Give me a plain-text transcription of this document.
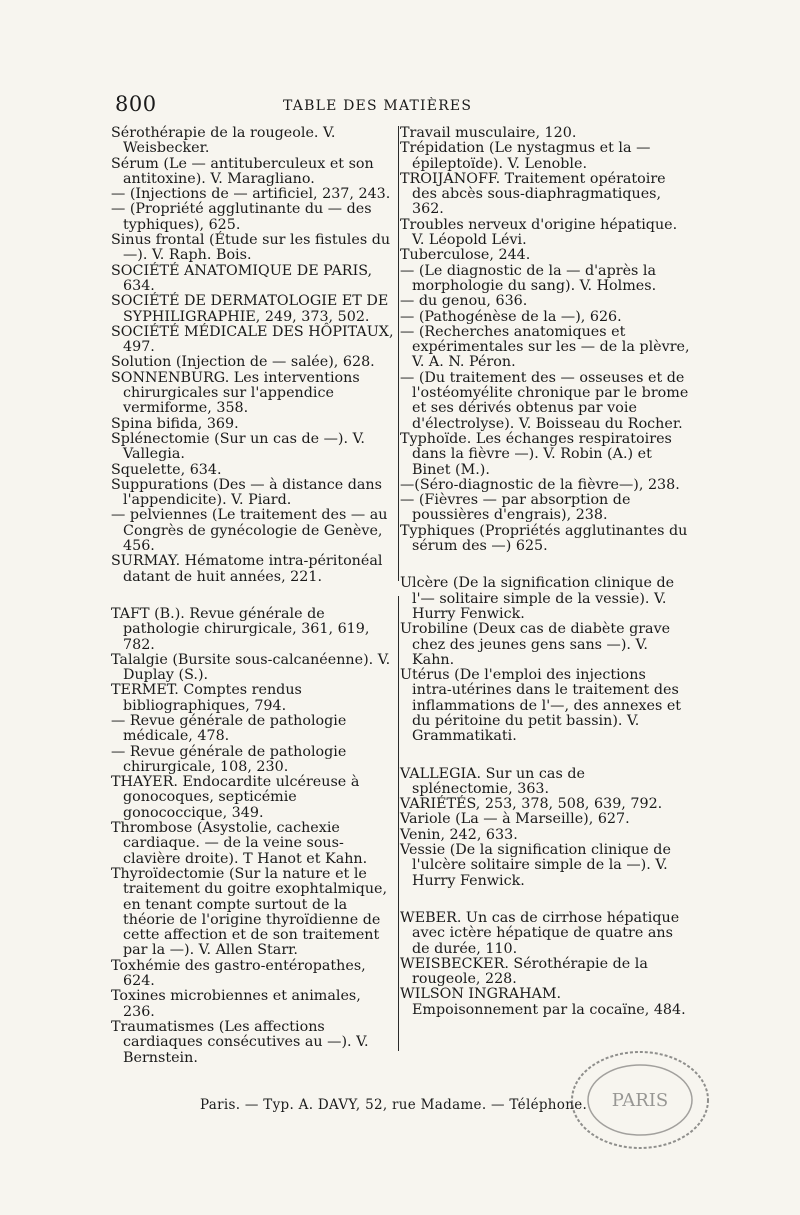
800	TABLE DES MATIÈRES

Sérothérapie de la rougeole. V. Weisbecker.

Sérum (Le — antituberculeux et son antitoxine). V. Maragliano.

— (Injections de — artificiel, 237, 243.

— (Propriété agglutinante du — des typhiques), 625.

Sinus frontal (Étude sur les fistules du —). V. Raph. Bois.

SOCIÉTÉ ANATOMIQUE DE PARIS, 634.

SOCIÉTÉ DE DERMATOLOGIE ET DE SYPHILIGRAPHIE, 249, 373, 502.

SOCIÉTÉ MÉDICALE DES HÔPITAUX, 497.

Solution (Injection de — salée), 628.

SONNENBURG. Les interventions chirurgicales sur l'appendice vermiforme, 358.

Spina bifida, 369.

Splénectomie (Sur un cas de —). V. Vallegia.

Squelette, 634.

Suppurations (Des — à distance dans l'appendicite). V. Piard.

— pelviennes (Le traitement des — au Congrès de gynécologie de Genève, 456.

SURMAY. Hématome intra-péritonéal datant de huit années, 221.

TAFT (B.). Revue générale de pathologie chirurgicale, 361, 619, 782.

Talalgie (Bursite sous-calcanéenne). V. Duplay (S.).

TERMET. Comptes rendus bibliographiques, 794.

— Revue générale de pathologie médicale, 478.

— Revue générale de pathologie chirurgicale, 108, 230.

THAYER. Endocardite ulcéreuse à gonocoques, septicémie gonococcique, 349.

Thrombose (Asystolie, cachexie cardiaque. — de la veine sous-clavière droite). T Hanot et Kahn.

Thyroïdectomie (Sur la nature et le traitement du goitre exophtalmique, en tenant compte surtout de la théorie de l'origine thyroïdienne de cette affection et de son traitement par la —). V. Allen Starr.

Toxhémie des gastro-entéropathes, 624.

Toxines microbiennes et animales, 236.

Traumatismes (Les affections cardiaques consécutives au —). V. Bernstein.

Travail musculaire, 120.

Trépidation (Le nystagmus et la — épileptoïde). V. Lenoble.

TROIJANOFF. Traitement opératoire des abcès sous-diaphragmatiques, 362.

Troubles nerveux d'origine hépatique. V. Léopold Lévi.

Tuberculose, 244.

— (Le diagnostic de la — d'après la morphologie du sang). V. Holmes.

— du genou, 636.

— (Pathogénèse de la —), 626.

— (Recherches anatomiques et expérimentales sur les — de la plèvre, V. A. N. Péron.

— (Du traitement des — osseuses et de l'ostéomyélite chronique par le brome et ses dérivés obtenus par voie d'électrolyse). V. Boisseau du Rocher.

Typhoïde. Les échanges respiratoires dans la fièvre —). V. Robin (A.) et Binet (M.).

—(Séro-diagnostic de la fièvre—), 238.

— (Fièvres — par absorption de poussières d'engrais), 238.

Typhiques (Propriétés agglutinantes du sérum des —) 625.

Ulcère (De la signification clinique de l'— solitaire simple de la vessie). V. Hurry Fenwick.

Urobiline (Deux cas de diabète grave chez des jeunes gens sans —). V. Kahn.

Utérus (De l'emploi des injections intra-utérines dans le traitement des inflammations de l'—, des annexes et du péritoine du petit bassin). V. Grammatikati.

VALLEGIA. Sur un cas de splénectomie, 363.

VARIÉTÉS, 253, 378, 508, 639, 792.

Variole (La — à Marseille), 627.

Venin, 242, 633.

Vessie (De la signification clinique de l'ulcère solitaire simple de la —). V. Hurry Fenwick.

WEBER. Un cas de cirrhose hépatique avec ictère hépatique de quatre ans de durée, 110.

WEISBECKER. Sérothérapie de la rougeole, 228.

WILSON INGRAHAM. Empoisonnement par la cocaïne, 484.

Paris. — Typ. A. DAVY, 52, rue Madame. — Téléphone. PARIS
